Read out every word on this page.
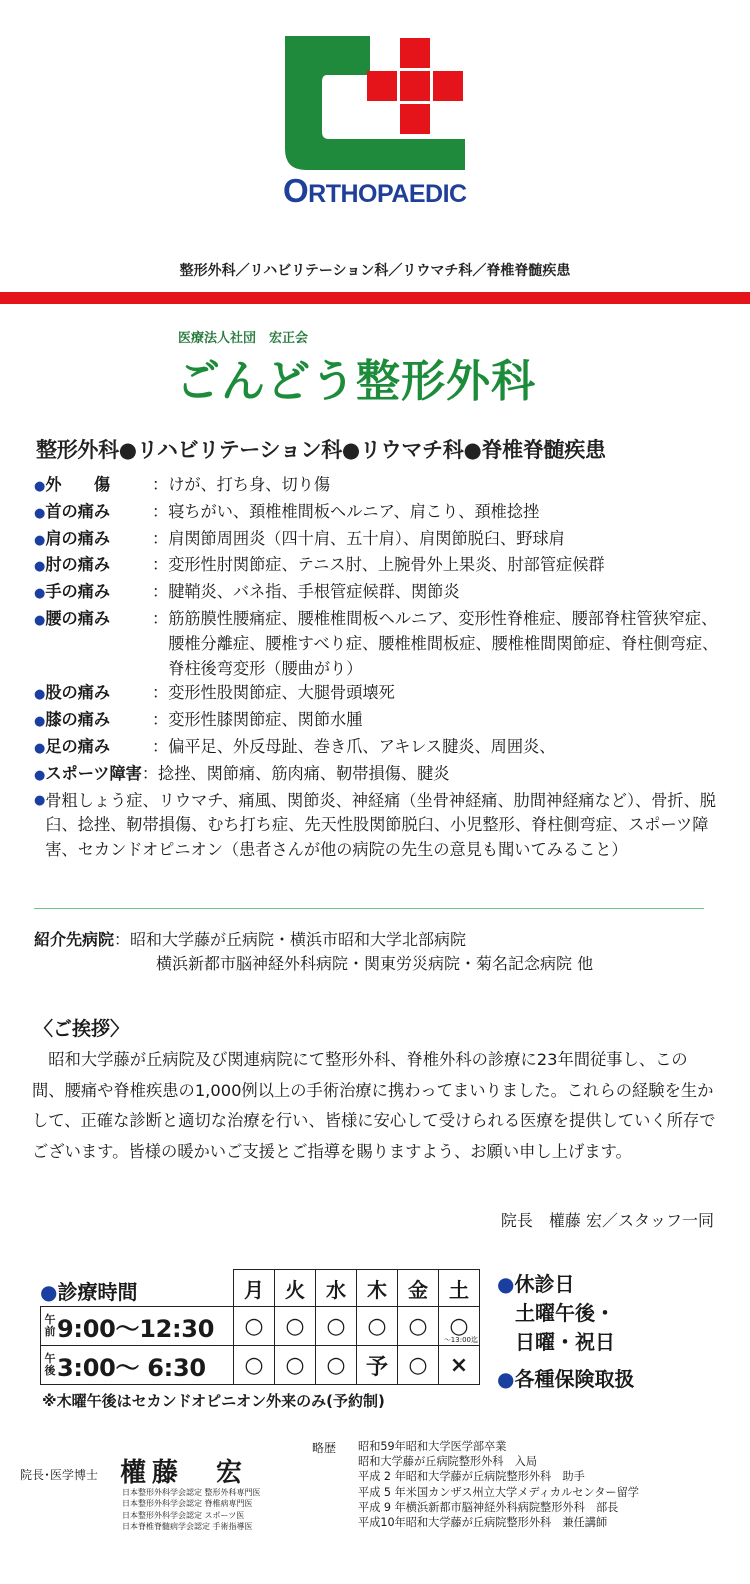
ORTHOPAEDIC
整形外科／リハビリテーション科／リウマチ科／脊椎脊髄疾患
医療法人社団　宏正会
ごんどう整形外科
整形外科●リハビリテーション科●リウマチ科●脊椎脊髄疾患
●外　　傷	： けが、打ち身、切り傷
●首の痛み	： 寝ちがい、頚椎椎間板ヘルニア、肩こり、頚椎捻挫
●肩の痛み	： 肩関節周囲炎（四十肩、五十肩）、肩関節脱臼、野球肩
●肘の痛み	： 変形性肘関節症、テニス肘、上腕骨外上果炎、肘部管症候群
●手の痛み	： 腱鞘炎、バネ指、手根管症候群、関節炎
●腰の痛み	： 筋筋膜性腰痛症、腰椎椎間板ヘルニア、変形性脊椎症、腰部脊柱管狭窄症、腰椎分離症、腰椎すべり症、腰椎椎間板症、腰椎椎間関節症、脊柱側弯症、脊柱後弯変形（腰曲がり）
●股の痛み	： 変形性股関節症、大腿骨頭壊死
●膝の痛み	： 変形性膝関節症、関節水腫
●足の痛み	： 偏平足、外反母趾、巻き爪、アキレス腱炎、周囲炎、
●スポーツ障害 ： 捻挫、関節痛、筋肉痛、靭帯損傷、腱炎
● 骨粗しょう症、リウマチ、痛風、関節炎、神経痛（坐骨神経痛、肋間神経痛など）、骨折、脱臼、捻挫、靭帯損傷、むち打ち症、先天性股関節脱臼、小児整形、脊柱側弯症、スポーツ障害、セカンドオピニオン（患者さんが他の病院の先生の意見も聞いてみること）
紹介先病院 ： 昭和大学藤が丘病院・横浜市昭和大学北部病院
横浜新都市脳神経外科病院・関東労災病院・菊名記念病院 他
〈ご挨拶〉
昭和大学藤が丘病院及び関連病院にて整形外科、脊椎外科の診療に23年間従事し、この間、腰痛や脊椎疾患の1,000例以上の手術治療に携わってまいりました。これらの経験を生かして、正確な診断と適切な治療を行い、皆様に安心して受けられる医療を提供していく所存でございます。皆様の暖かいご支援とご指導を賜りますよう、お願い申し上げます。
院長　權藤 宏／スタッフ一同
	月	火	水	木	金	土
午
前9:00～12:30	○	○	○	○	○	○
～13:00迄

午
後3:00～ 6:30	○	○	○	予	○	×
●診療時間
※木曜午後はセカンドオピニオン外来のみ(予約制)
●休診日
土曜午後・
日曜・祝日
●各種保険取扱
院長･医学博士 權藤　宏
日本整形外科学会認定 整形外科専門医
日本整形外科学会認定 脊椎病専門医
日本整形外科学会認定 スポーツ医
日本脊椎脊髄病学会認定 手術指導医
略歴 昭和59年昭和大学医学部卒業
昭和大学藤が丘病院整形外科　入局
平成 2 年昭和大学藤が丘病院整形外科　助手
平成 5 年米国カンザス州立大学メディカルセンター留学
平成 9 年横浜新都市脳神経外科病院整形外科　部長
平成10年昭和大学藤が丘病院整形外科　兼任講師
